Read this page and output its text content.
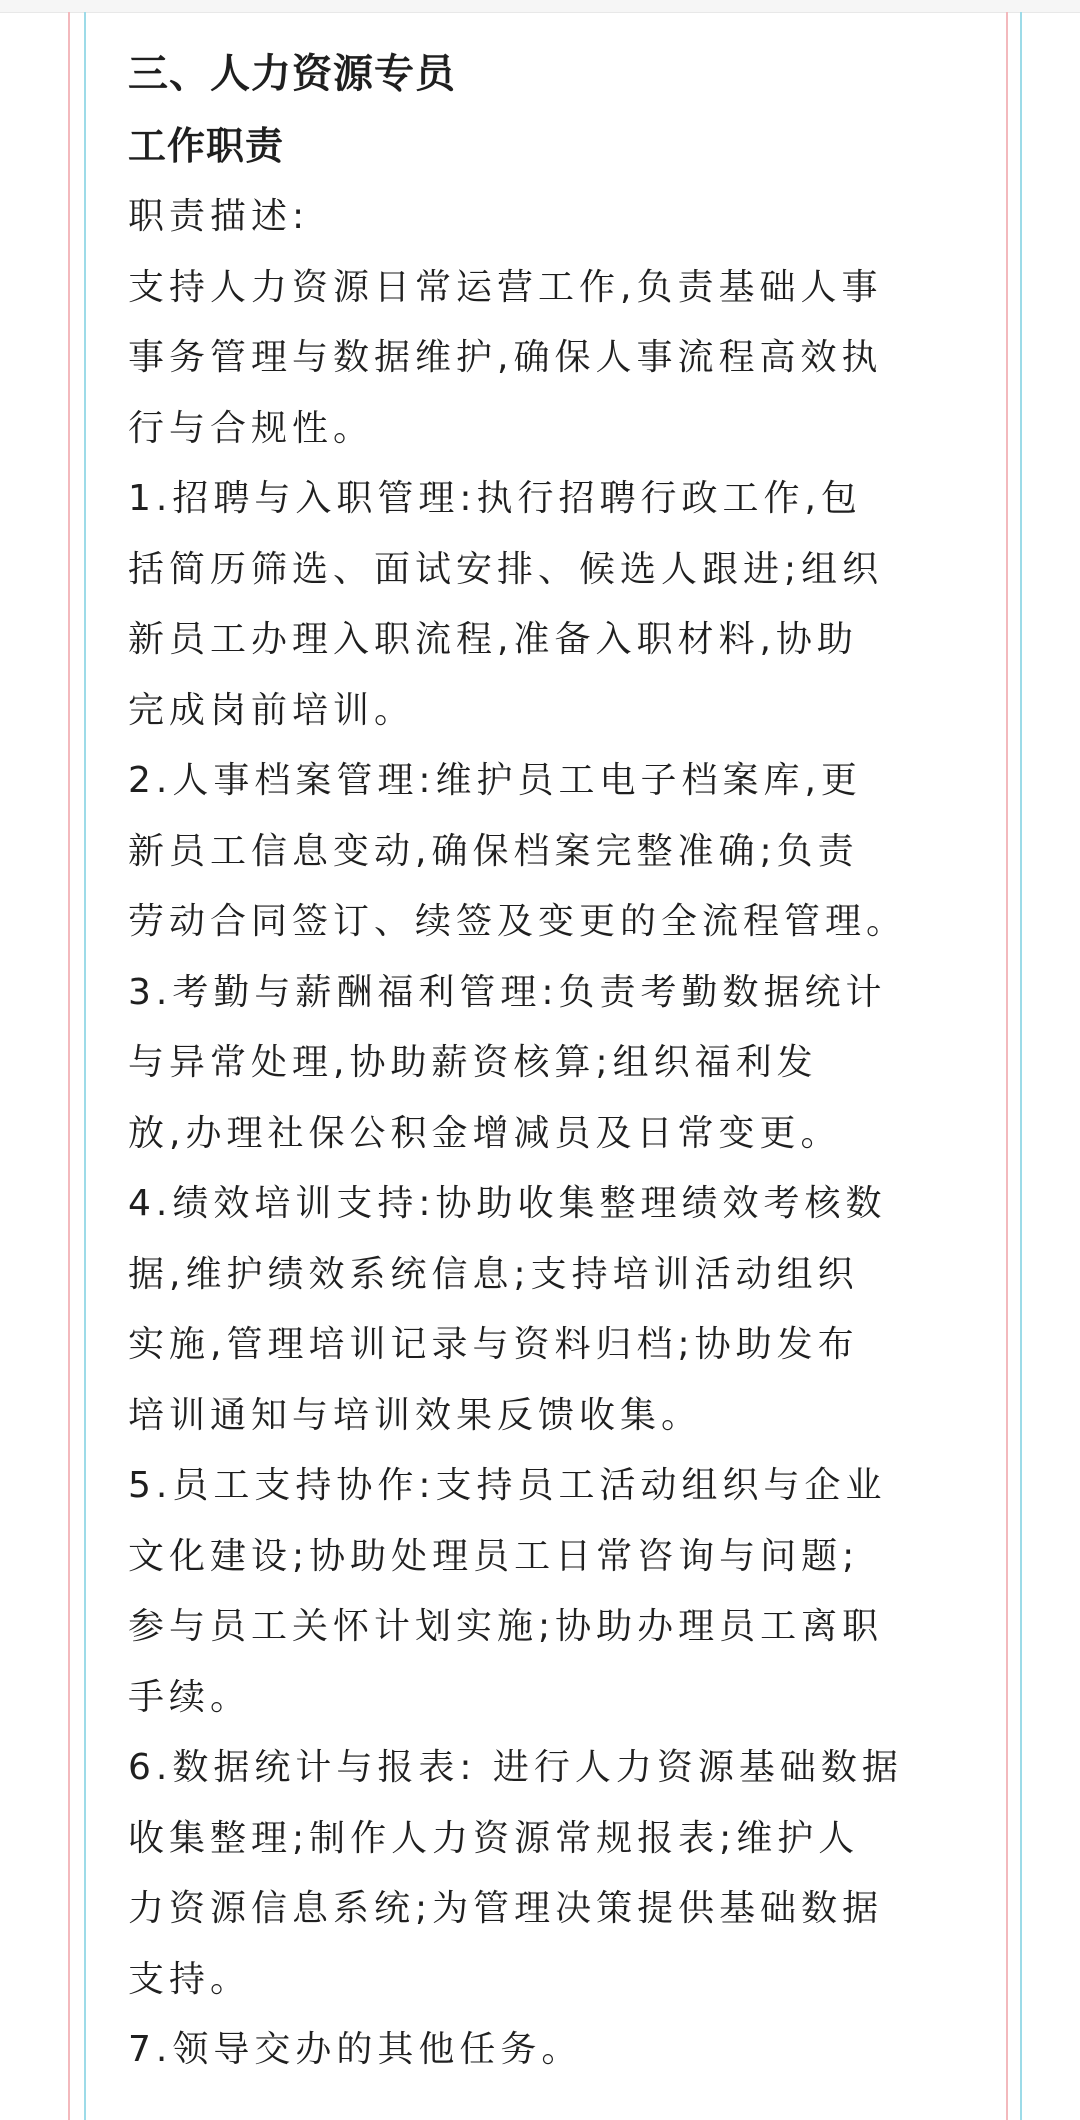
三、人力资源专员
工作职责
职责描述:
支持人力资源日常运营工作,负责基础人事
事务管理与数据维护,确保人事流程高效执
行与合规性。
1.招聘与入职管理:执行招聘行政工作,包
括简历筛选、面试安排、候选人跟进;组织
新员工办理入职流程,准备入职材料,协助
完成岗前培训。
2.人事档案管理:维护员工电子档案库,更
新员工信息变动,确保档案完整准确;负责
劳动合同签订、续签及变更的全流程管理。
3.考勤与薪酬福利管理:负责考勤数据统计
与异常处理,协助薪资核算;组织福利发
放,办理社保公积金增减员及日常变更。
4.绩效培训支持:协助收集整理绩效考核数
据,维护绩效系统信息;支持培训活动组织
实施,管理培训记录与资料归档;协助发布
培训通知与培训效果反馈收集。
5.员工支持协作:支持员工活动组织与企业
文化建设;协助处理员工日常咨询与问题;
参与员工关怀计划实施;协助办理员工离职
手续。
6.数据统计与报表: 进行人力资源基础数据
收集整理;制作人力资源常规报表;维护人
力资源信息系统;为管理决策提供基础数据
支持。
7.领导交办的其他任务。
